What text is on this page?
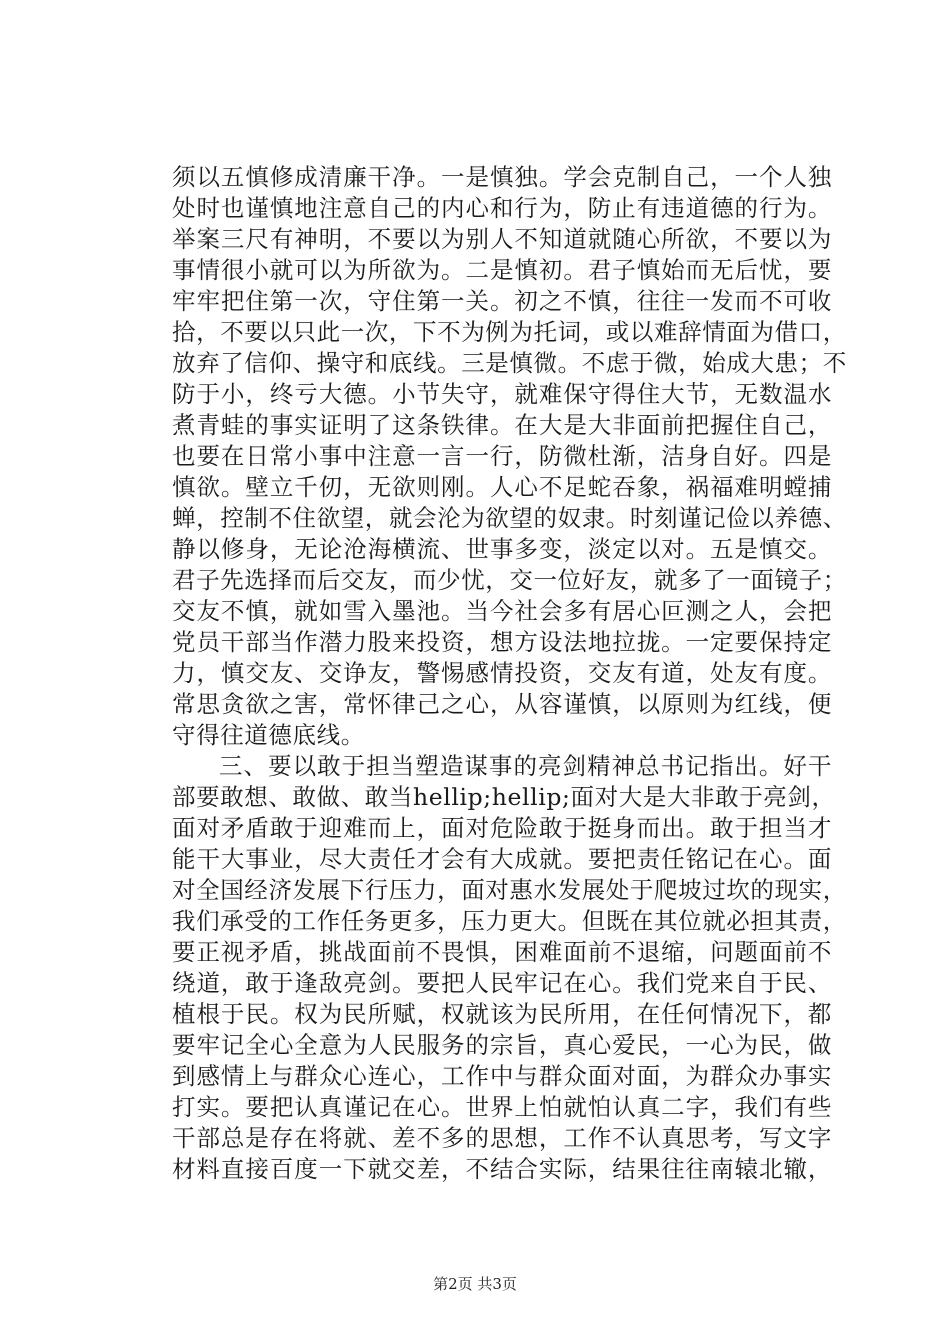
须以五慎修成清廉干净。一是慎独。学会克制自己，一个人独
处时也谨慎地注意自己的内心和行为，防止有违道德的行为。
举案三尺有神明，不要以为别人不知道就随心所欲，不要以为
事情很小就可以为所欲为。二是慎初。君子慎始而无后忧，要
牢牢把住第一次，守住第一关。初之不慎，往往一发而不可收
拾，不要以只此一次，下不为例为托词，或以难辞情面为借口，
放弃了信仰、操守和底线。三是慎微。不虑于微，始成大患；不
防于小，终亏大德。小节失守，就难保守得住大节，无数温水
煮青蛙的事实证明了这条铁律。在大是大非面前把握住自己，
也要在日常小事中注意一言一行，防微杜渐，洁身自好。四是
慎欲。壁立千仞，无欲则刚。人心不足蛇吞象，祸福难明螳捕
蝉，控制不住欲望，就会沦为欲望的奴隶。时刻谨记俭以养德、
静以修身，无论沧海横流、世事多变，淡定以对。五是慎交。
君子先选择而后交友，而少忧，交一位好友，就多了一面镜子；
交友不慎，就如雪入墨池。当今社会多有居心叵测之人，会把
党员干部当作潜力股来投资，想方设法地拉拢。一定要保持定
力，慎交友、交诤友，警惕感情投资，交友有道，处友有度。
常思贪欲之害，常怀律己之心，从容谨慎，以原则为红线，便
守得往道德底线。
三、要以敢于担当塑造谋事的亮剑精神总书记指出。好干
部要敢想、敢做、敢当hellip;hellip;面对大是大非敢于亮剑，
面对矛盾敢于迎难而上，面对危险敢于挺身而出。敢于担当才
能干大事业，尽大责任才会有大成就。要把责任铭记在心。面
对全国经济发展下行压力，面对惠水发展处于爬坡过坎的现实，
我们承受的工作任务更多，压力更大。但既在其位就必担其责，
要正视矛盾，挑战面前不畏惧，困难面前不退缩，问题面前不
绕道，敢于逢敌亮剑。要把人民牢记在心。我们党来自于民、
植根于民。权为民所赋，权就该为民所用，在任何情况下，都
要牢记全心全意为人民服务的宗旨，真心爱民，一心为民，做
到感情上与群众心连心，工作中与群众面对面，为群众办事实
打实。要把认真谨记在心。世界上怕就怕认真二字，我们有些
干部总是存在将就、差不多的思想，工作不认真思考，写文字
材料直接百度一下就交差，不结合实际，结果往往南辕北辙，
第2页 共3页
